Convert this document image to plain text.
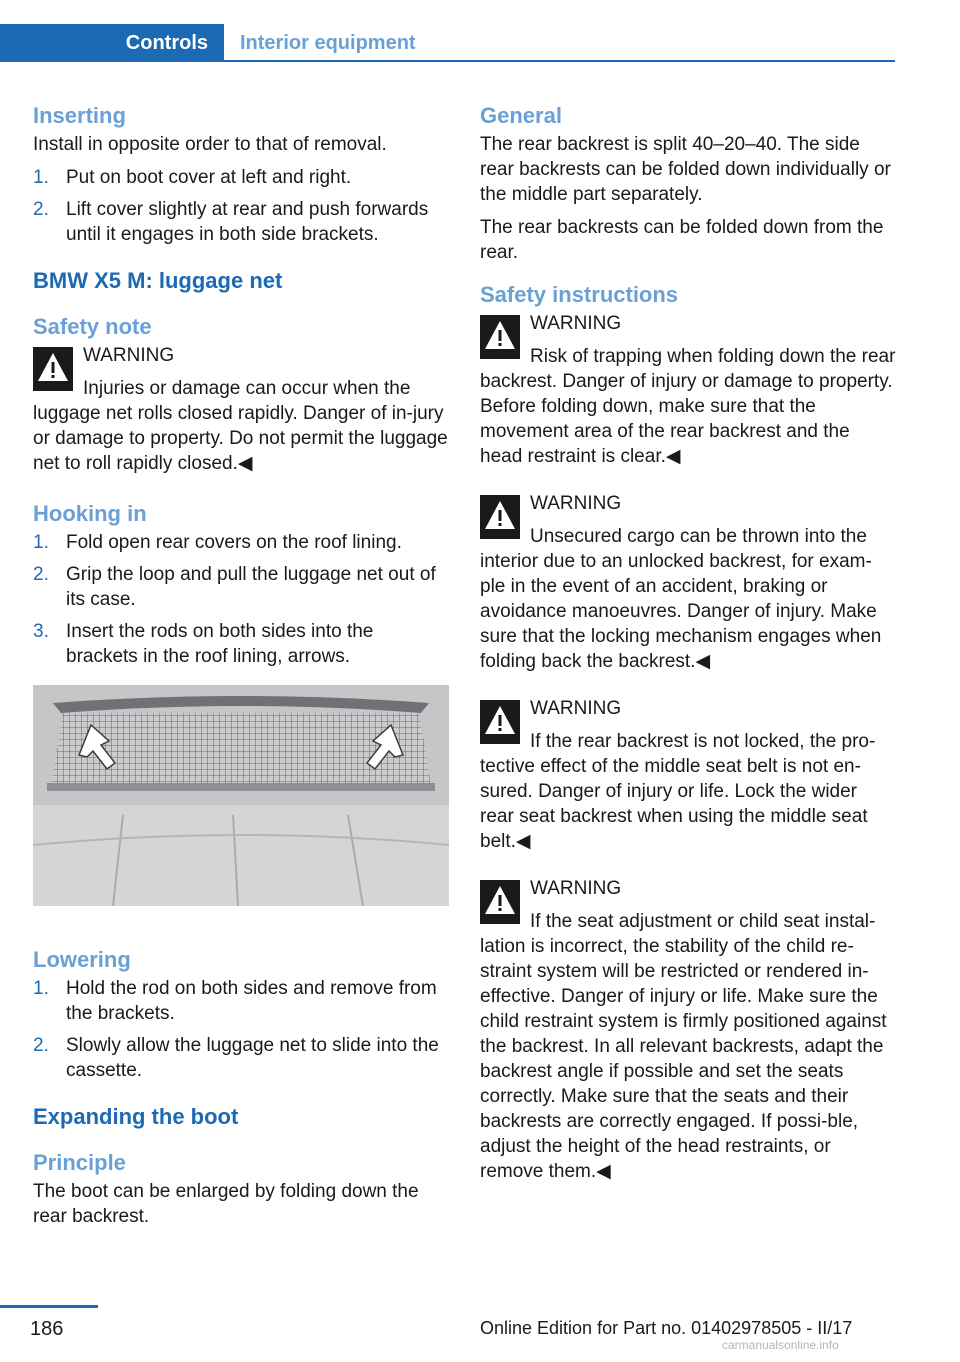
Controls	Interior equipment
Inserting

Install in opposite order to that of removal.

1. Put on boot cover at left and right.
2. Lift cover slightly at rear and push forwards until it engages in both side brackets.
BMW X5 M: luggage net
Safety note
WARNING
Injuries or damage can occur when the luggage net rolls closed rapidly. Danger of in‐jury or damage to property. Do not permit the luggage net to roll rapidly closed.◀
Hooking in
1. Fold open rear covers on the roof lining.
2. Grip the loop and pull the luggage net out of its case.
3. Insert the rods on both sides into the brackets in the roof lining, arrows.
Lowering
1. Hold the rod on both sides and remove from the brackets.
2. Slowly allow the luggage net to slide into the cassette.
Expanding the boot
Principle

The boot can be enlarged by folding down the rear backrest.

General

The rear backrest is split 40–20–40. The side rear backrests can be folded down individually or the middle part separately.

The rear backrests can be folded down from the rear.

Safety instructions
WARNING
Risk of trapping when folding down the rear backrest. Danger of injury or damage to property. Before folding down, make sure that the movement area of the rear backrest and the head restraint is clear.◀
WARNING
Unsecured cargo can be thrown into the interior due to an unlocked backrest, for exam‐ple in the event of an accident, braking or avoidance manoeuvres. Danger of injury. Make sure that the locking mechanism engages when folding back the backrest.◀
WARNING
If the rear backrest is not locked, the pro‐tective effect of the middle seat belt is not en‐sured. Danger of injury or life. Lock the wider rear seat backrest when using the middle seat belt.◀
WARNING
If the seat adjustment or child seat instal‐lation is incorrect, the stability of the child re‐straint system will be restricted or rendered in‐effective. Danger of injury or life. Make sure the child restraint system is firmly positioned against the backrest. In all relevant backrests, adapt the backrest angle if possible and set the seats correctly. Make sure that the seats and their backrests are correctly engaged. If possi‐ble, adjust the height of the head restraints, or remove them.◀
186	Online Edition for Part no. 01402978505 - II/17
carmanualsonline.info
